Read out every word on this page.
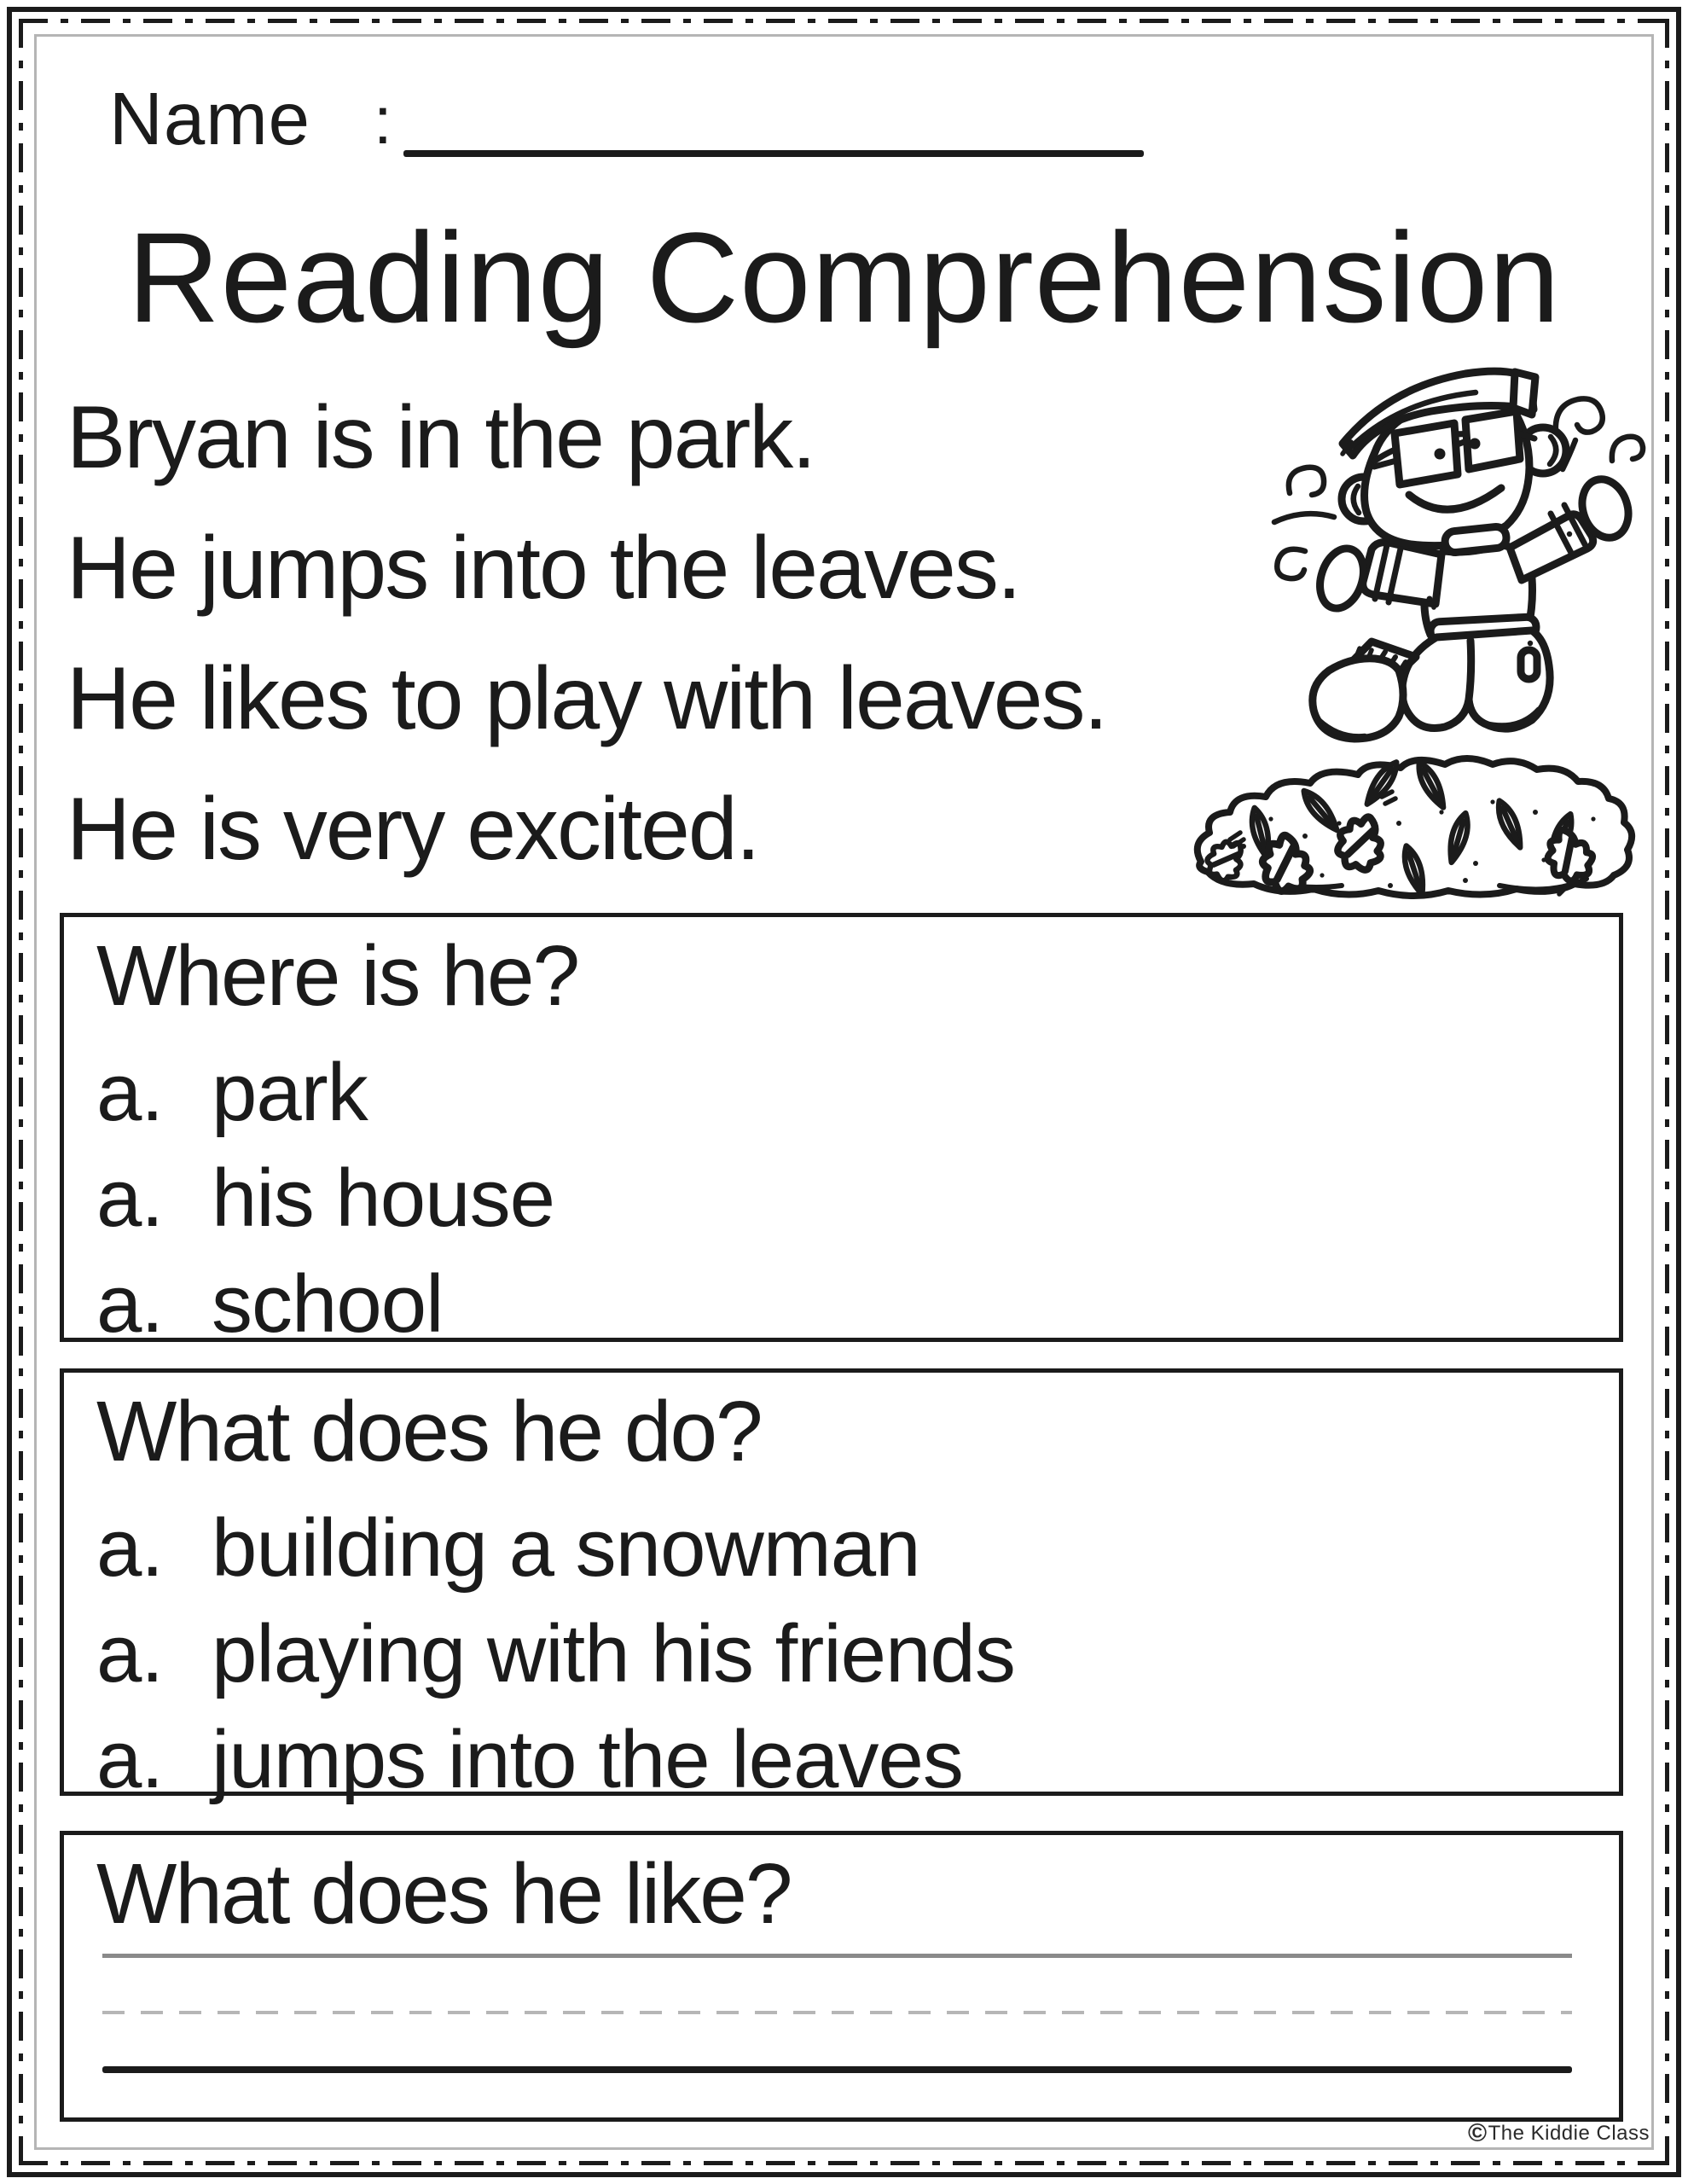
Name :
Reading Comprehension
Bryan is in the park.
He jumps into the leaves.
He likes to play with leaves.
He is very excited.
Where is he?
a. park
a. his house
a. school
What does he do?
a. building a snowman
a. playing with his friends
a. jumps into the leaves
What does he like?
©The Kiddie Class
